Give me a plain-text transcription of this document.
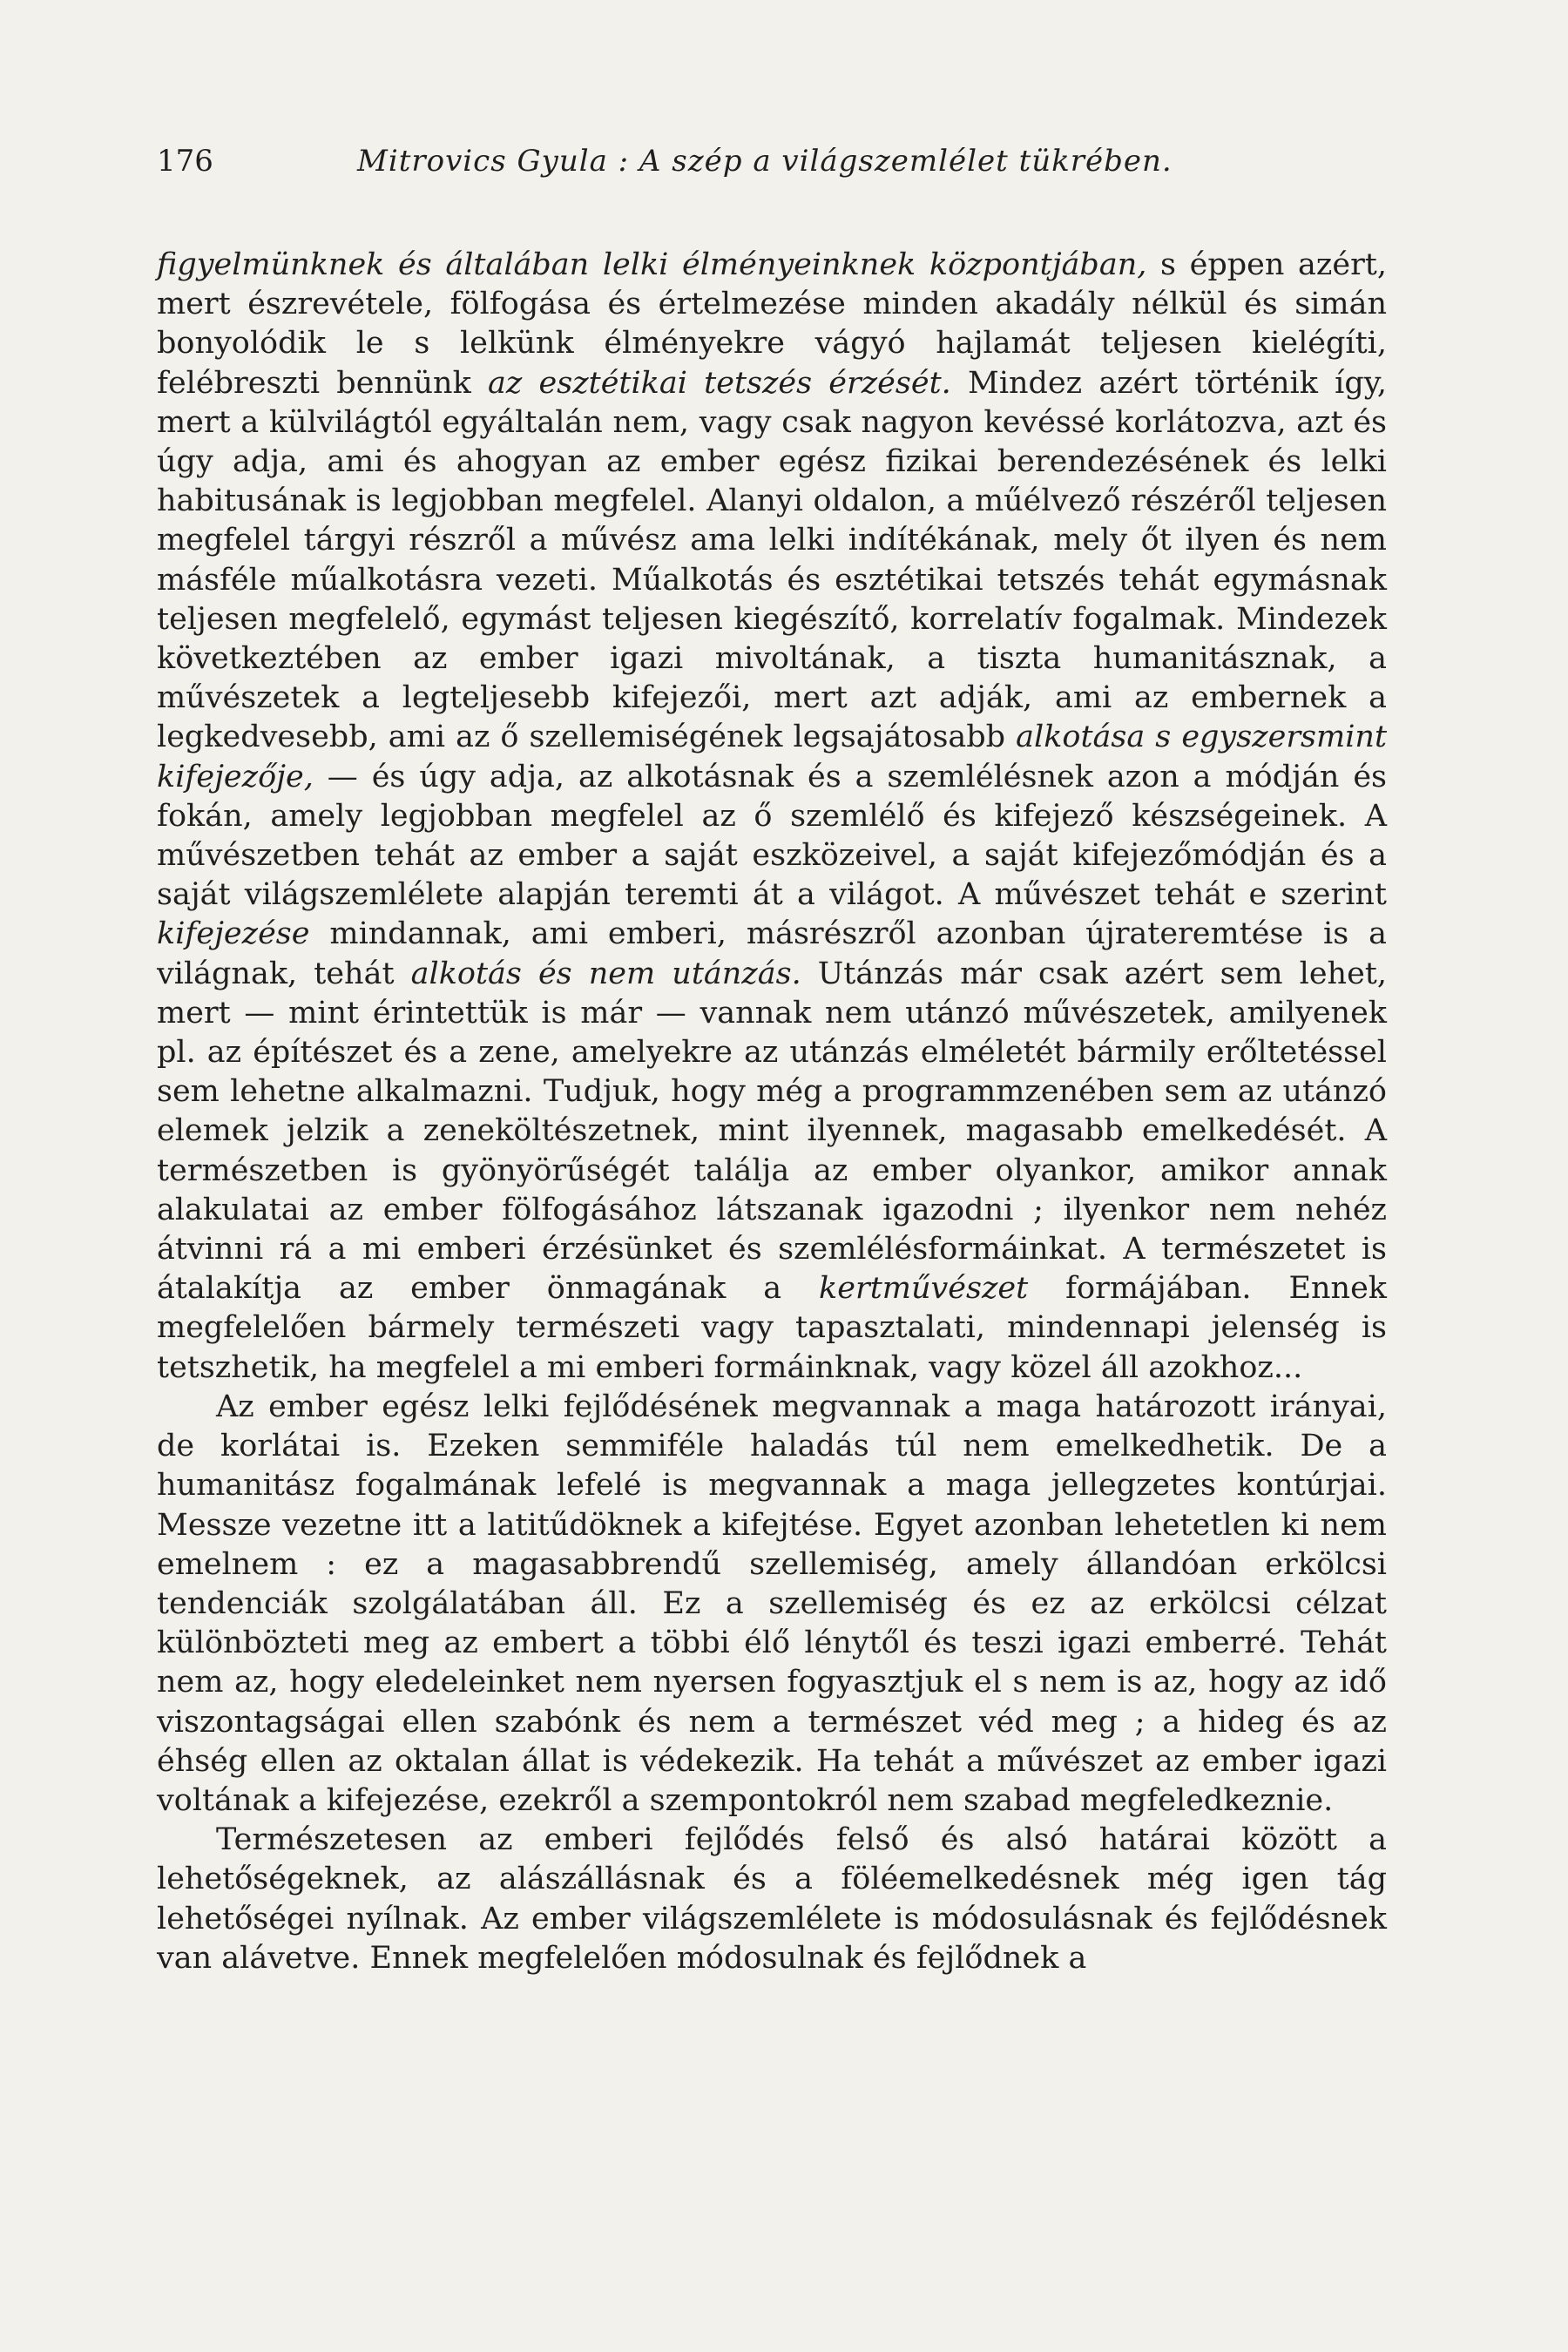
176	Mitrovics Gyula : A szép a világszemlélet tükrében.

figyelmünknek és általában lelki élményeinknek központjában, s éppen azért, mert észrevétele, fölfogása és értelmezése minden akadály nélkül és simán bonyolódik le s lelkünk élményekre vágyó hajlamát teljesen kielégíti, felébreszti bennünk az esztétikai tetszés érzését. Mindez azért történik így, mert a külvilágtól egyáltalán nem, vagy csak nagyon kevéssé korlátozva, azt és úgy adja, ami és ahogyan az ember egész fizikai berendezésének és lelki habitusának is legjobban megfelel. Alanyi oldalon, a műélvező részéről teljesen megfelel tárgyi részről a művész ama lelki indítékának, mely őt ilyen és nem másféle műalkotásra vezeti. Műalkotás és esztétikai tetszés tehát egymásnak teljesen megfelelő, egymást teljesen kiegészítő, korrelatív fogalmak. Mindezek következtében az ember igazi mivoltának, a tiszta humanitásznak, a művészetek a legteljesebb kifejezői, mert azt adják, ami az embernek a legkedvesebb, ami az ő szellemiségének legsajátosabb alkotása s egyszersmint kifejezője, — és úgy adja, az alkotásnak és a szemlélésnek azon a módján és fokán, amely legjobban megfelel az ő szemlélő és kifejező készségeinek. A művészetben tehát az ember a saját eszközeivel, a saját kifejezőmódján és a saját világszemlélete alapján teremti át a világot. A művészet tehát e szerint kifejezése mindannak, ami emberi, másrészről azonban újrateremtése is a világnak, tehát alkotás és nem utánzás. Utánzás már csak azért sem lehet, mert — mint érintettük is már — vannak nem utánzó művészetek, amilyenek pl. az építészet és a zene, amelyekre az utánzás elméletét bármily erőltetéssel sem lehetne alkalmazni. Tudjuk, hogy még a programmzenében sem az utánzó elemek jelzik a zeneköltészetnek, mint ilyennek, magasabb emelkedését. A természetben is gyönyörűségét találja az ember olyankor, amikor annak alakulatai az ember fölfogásához látszanak igazodni ; ilyenkor nem nehéz átvinni rá a mi emberi érzésünket és szemlélésformáinkat. A természetet is átalakítja az ember önmagának a kertművészet formájában. Ennek megfelelően bármely természeti vagy tapasztalati, mindennapi jelenség is tetszhetik, ha megfelel a mi emberi formáinknak, vagy közel áll azokhoz...

Az ember egész lelki fejlődésének megvannak a maga határozott irányai, de korlátai is. Ezeken semmiféle haladás túl nem emelkedhetik. De a humanitász fogalmának lefelé is megvannak a maga jellegzetes kontúrjai. Messze vezetne itt a latitűdöknek a kifejtése. Egyet azonban lehetetlen ki nem emelnem : ez a magasabbrendű szellemiség, amely állandóan erkölcsi tendenciák szolgálatában áll. Ez a szellemiség és ez az erkölcsi célzat különbözteti meg az embert a többi élő lénytől és teszi igazi emberré. Tehát nem az, hogy eledeleinket nem nyersen fogyasztjuk el s nem is az, hogy az idő viszontagságai ellen szabónk és nem a természet véd meg ; a hideg és az éhség ellen az oktalan állat is védekezik. Ha tehát a művészet az ember igazi voltának a kifejezése, ezekről a szempontokról nem szabad megfeledkeznie.

Természetesen az emberi fejlődés felső és alsó határai között a lehetőségeknek, az alászállásnak és a föléemelkedésnek még igen tág lehetőségei nyílnak. Az ember világszemlélete is módosulásnak és fejlődésnek van alávetve. Ennek megfelelően módosulnak és fejlődnek a
